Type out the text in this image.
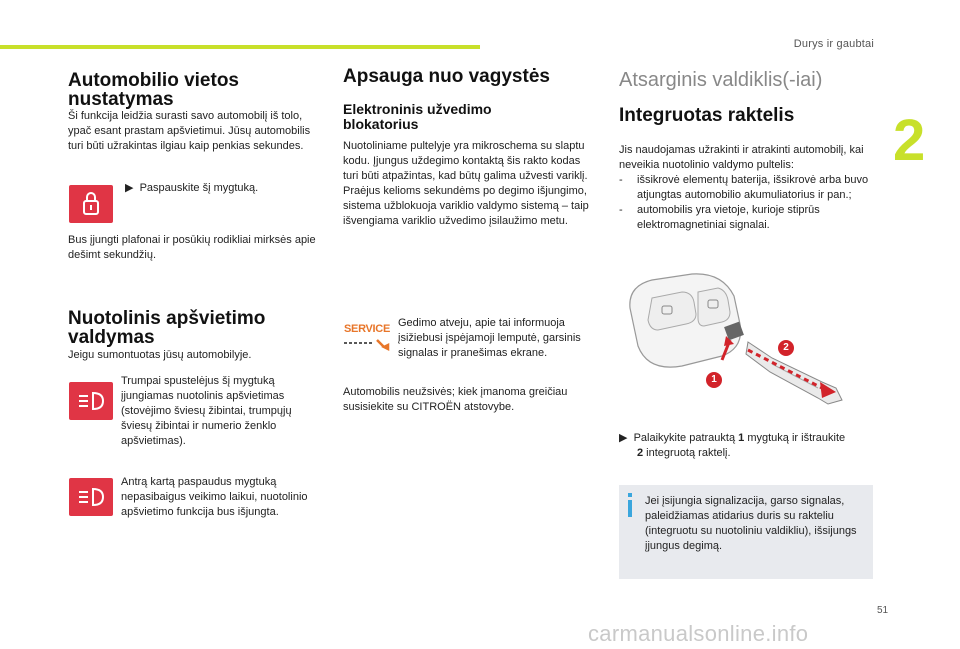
Durys ir gaubtai
2
51
carmanualsonline.info
Automobilio vietos nustatymas

Ši funkcija leidžia surasti savo automobilį iš tolo, ypač esant prastam apšvietimui. Jūsų automobilis turi būti užrakintas ilgiau kaip penkias sekundes.

▶ Paspauskite šį mygtuką.

Bus įjungti plafonai ir posūkių rodikliai mirksės apie dešimt sekundžių.

Nuotolinis apšvietimo valdymas

Jeigu sumontuotas jūsų automobilyje.

Trumpai spustelėjus šį mygtuką įjungiamas nuotolinis apšvietimas (stovėjimo šviesų žibintai, trumpųjų šviesų žibintai ir numerio ženklo apšvietimas).

Antrą kartą paspaudus mygtuką nepasibaigus veikimo laikui, nuotolinio apšvietimo funkcija bus išjungta.

Apsauga nuo vagystės
Elektroninis užvedimo blokatorius

Nuotoliniame pultelyje yra mikroschema su slaptu kodu. Įjungus uždegimo kontaktą šis rakto kodas turi būti atpažintas, kad būtų galima užvesti variklį.
Praėjus kelioms sekundėms po degimo išjungimo, sistema užblokuoja variklio valdymo sistemą – taip išvengiama variklio užvedimo įsilaužimo metu.

SERVICE Gedimo atveju, apie tai informuoja įsižiebusi įspėjamoji lemputė, garsinis signalas ir pranešimas ekrane.

Automobilis neužsivės; kiek įmanoma greičiau susisiekite su CITROËN atstovybe.

Atsarginis valdiklis(-iai)
Integruotas raktelis

Jis naudojamas užrakinti ir atrakinti automobilį, kai neveikia nuotolinio valdymo pultelis:

- išsikrovė elementų baterija, išsikrovė arba buvo atjungtas automobilio akumuliatorius ir pan.;
- automobilis yra vietoje, kurioje stiprūs elektromagnetiniai signalai.
1
2
▶ Palaikykite patrauktą 1 mygtuką ir ištraukite
2 integruotą raktelį.
Jei įsijungia signalizacija, garso signalas, paleidžiamas atidarius duris su rakteliu (integruotu su nuotoliniu valdikliu), išsijungs įjungus degimą.
